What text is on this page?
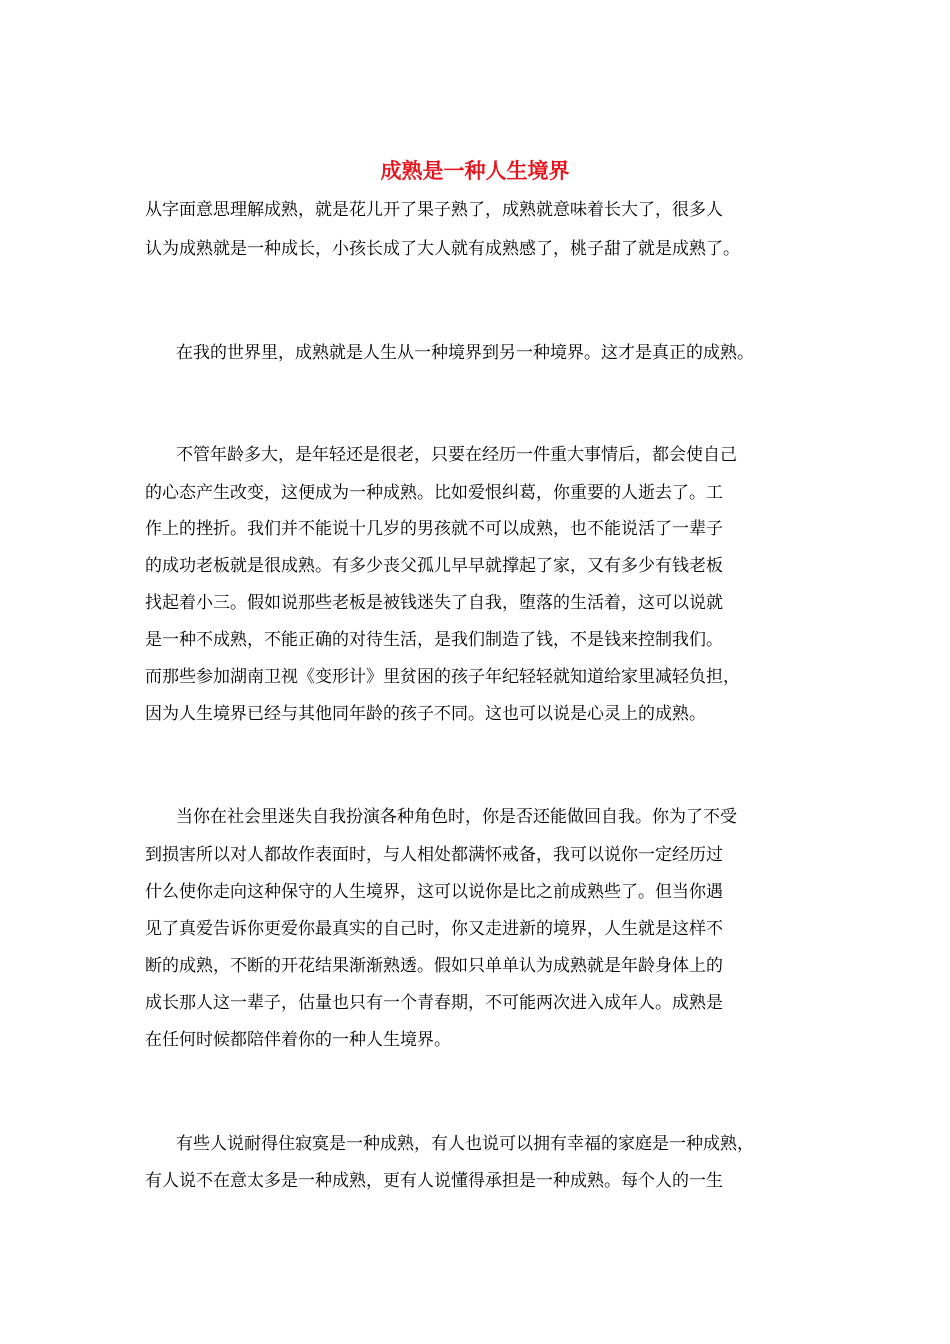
成熟是一种人生境界
从字面意思理解成熟，就是花儿开了果子熟了，成熟就意味着长大了，很多人
认为成熟就是一种成长，小孩长成了大人就有成熟感了，桃子甜了就是成熟了。
在我的世界里，成熟就是人生从一种境界到另一种境界。这才是真正的成熟。
不管年龄多大，是年轻还是很老，只要在经历一件重大事情后，都会使自己
的心态产生改变，这便成为一种成熟。比如爱恨纠葛，你重要的人逝去了。工
作上的挫折。我们并不能说十几岁的男孩就不可以成熟，也不能说活了一辈子
的成功老板就是很成熟。有多少丧父孤儿早早就撑起了家，又有多少有钱老板
找起着小三。假如说那些老板是被钱迷失了自我，堕落的生活着，这可以说就
是一种不成熟，不能正确的对待生活，是我们制造了钱，不是钱来控制我们。
而那些参加湖南卫视《变形计》里贫困的孩子年纪轻轻就知道给家里减轻负担，
因为人生境界已经与其他同年龄的孩子不同。这也可以说是心灵上的成熟。
当你在社会里迷失自我扮演各种角色时，你是否还能做回自我。你为了不受
到损害所以对人都故作表面时，与人相处都满怀戒备，我可以说你一定经历过
什么使你走向这种保守的人生境界，这可以说你是比之前成熟些了。但当你遇
见了真爱告诉你更爱你最真实的自己时，你又走进新的境界，人生就是这样不
断的成熟，不断的开花结果渐渐熟透。假如只单单认为成熟就是年龄身体上的
成长那人这一辈子，估量也只有一个青春期，不可能两次进入成年人。成熟是
在任何时候都陪伴着你的一种人生境界。
有些人说耐得住寂寞是一种成熟，有人也说可以拥有幸福的家庭是一种成熟，
有人说不在意太多是一种成熟，更有人说懂得承担是一种成熟。每个人的一生
